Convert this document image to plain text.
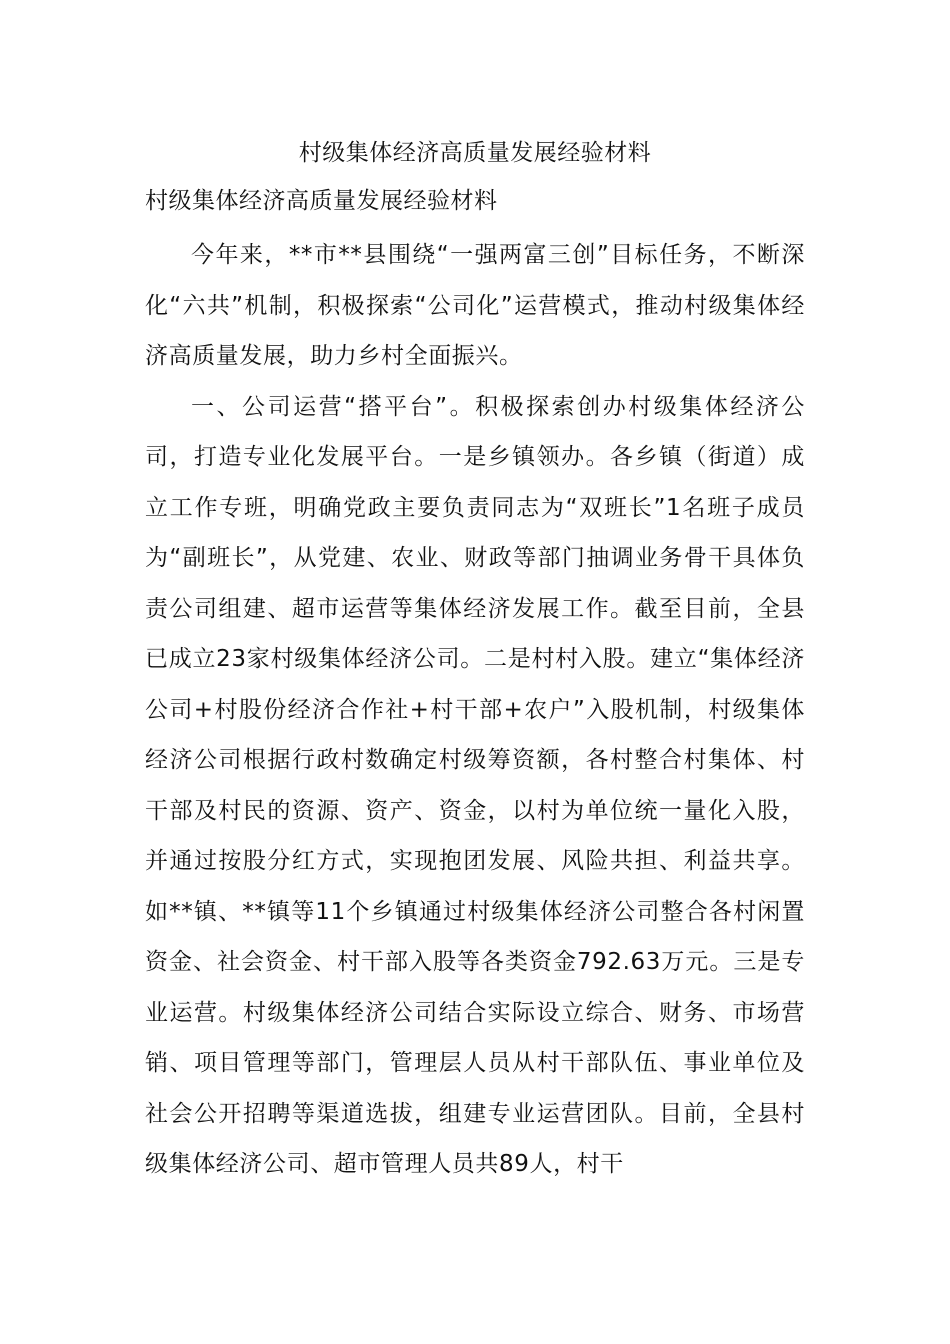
村级集体经济高质量发展经验材料
村级集体经济高质量发展经验材料

今年来，**市**县围绕“一强两富三创”目标任务，不断深化“六共”机制，积极探索“公司化”运营模式，推动村级集体经济高质量发展，助力乡村全面振兴。

一、公司运营“搭平台”。积极探索创办村级集体经济公司，打造专业化发展平台。一是乡镇领办。各乡镇（街道）成立工作专班，明确党政主要负责同志为“双班长”1名班子成员为“副班长”，从党建、农业、财政等部门抽调业务骨干具体负责公司组建、超市运营等集体经济发展工作。截至目前，全县已成立23家村级集体经济公司。二是村村入股。建立“集体经济公司+村股份经济合作社+村干部+农户”入股机制，村级集体经济公司根据行政村数确定村级筹资额，各村整合村集体、村干部及村民的资源、资产、资金，以村为单位统一量化入股，并通过按股分红方式，实现抱团发展、风险共担、利益共享。如**镇、**镇等11个乡镇通过村级集体经济公司整合各村闲置资金、社会资金、村干部入股等各类资金792.63万元。三是专业运营。村级集体经济公司结合实际设立综合、财务、市场营销、项目管理等部门，管理层人员从村干部队伍、事业单位及社会公开招聘等渠道选拔，组建专业运营团队。目前，全县村级集体经济公司、超市管理人员共89人，村干
